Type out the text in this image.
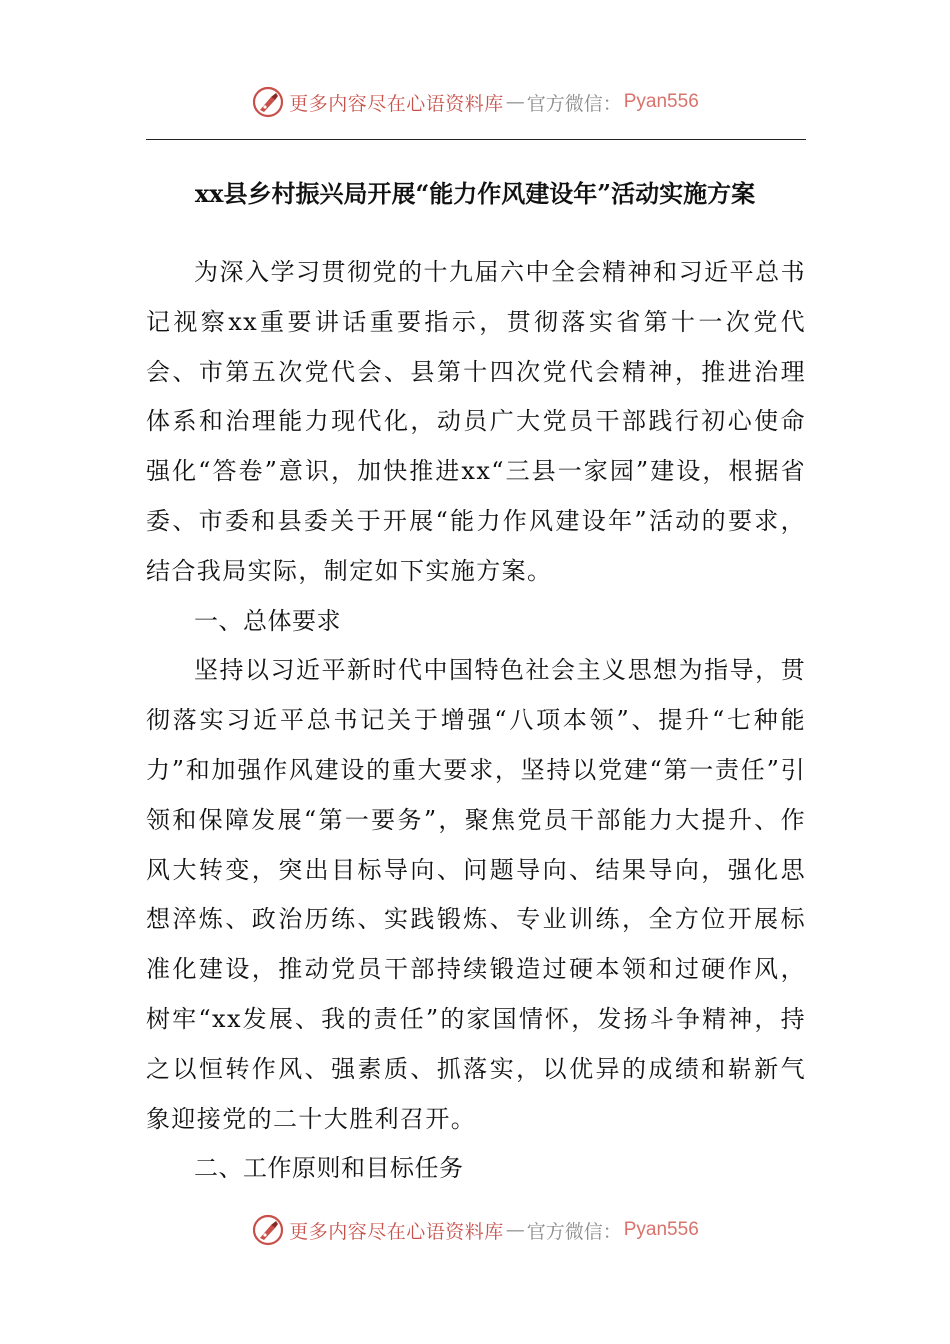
更多内容尽在心语资料库 — 官方微信： Pyan556
xx县乡村振兴局开展“能力作风建设年”活动实施方案

为深入学习贯彻党的十九届六中全会精神和习近平总书记视察xx重要讲话重要指示，贯彻落实省第十一次党代会、市第五次党代会、县第十四次党代会精神，推进治理体系和治理能力现代化，动员广大党员干部践行初心使命强化“答卷”意识，加快推进xx“三县一家园”建设，根据省委、市委和县委关于开展“能力作风建设年”活动的要求，结合我局实际，制定如下实施方案。

一、总体要求

坚持以习近平新时代中国特色社会主义思想为指导，贯彻落实习近平总书记关于增强“八项本领”、提升“七种能力”和加强作风建设的重大要求，坚持以党建“第一责任”引领和保障发展“第一要务”，聚焦党员干部能力大提升、作风大转变，突出目标导向、问题导向、结果导向，强化思想淬炼、政治历练、实践锻炼、专业训练，全方位开展标准化建设，推动党员干部持续锻造过硬本领和过硬作风，树牢“xx发展、我的责任”的家国情怀，发扬斗争精神，持之以恒转作风、强素质、抓落实，以优异的成绩和崭新气象迎接党的二十大胜利召开。

二、工作原则和目标任务

更多内容尽在心语资料库 — 官方微信： Pyan556
